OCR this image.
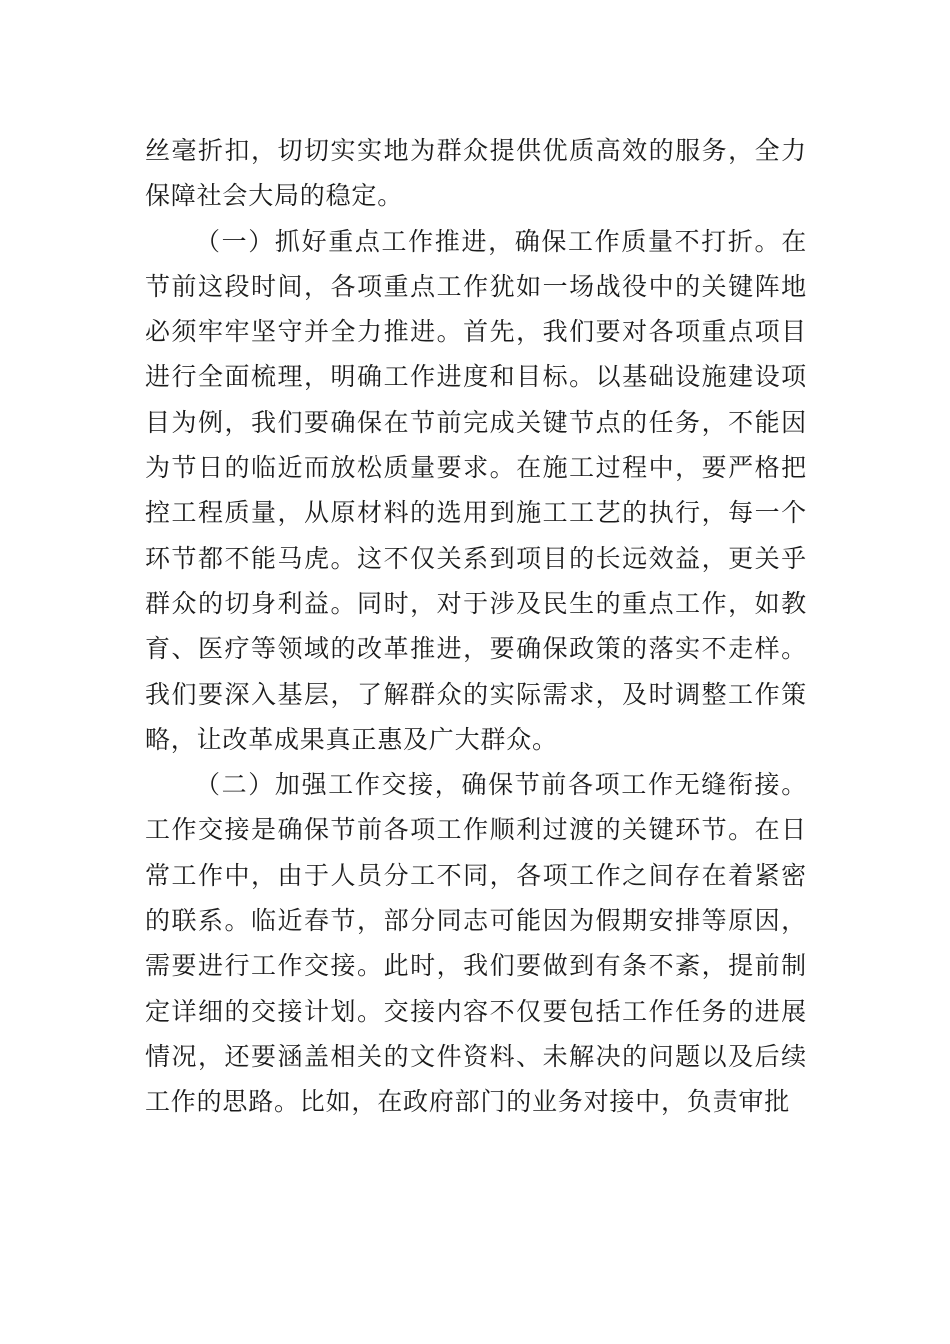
丝毫折扣，切切实实地为群众提供优质高效的服务，全力保障社会大局的稳定。

（一）抓好重点工作推进，确保工作质量不打折。在节前这段时间，各项重点工作犹如一场战役中的关键阵地必须牢牢坚守并全力推进。首先，我们要对各项重点项目进行全面梳理，明确工作进度和目标。以基础设施建设项目为例，我们要确保在节前完成关键节点的任务，不能因为节日的临近而放松质量要求。在施工过程中，要严格把控工程质量，从原材料的选用到施工工艺的执行，每一个环节都不能马虎。这不仅关系到项目的长远效益，更关乎群众的切身利益。同时，对于涉及民生的重点工作，如教育、医疗等领域的改革推进，要确保政策的落实不走样。我们要深入基层，了解群众的实际需求，及时调整工作策略，让改革成果真正惠及广大群众。

（二）加强工作交接，确保节前各项工作无缝衔接。工作交接是确保节前各项工作顺利过渡的关键环节。在日常工作中，由于人员分工不同，各项工作之间存在着紧密的联系。临近春节，部分同志可能因为假期安排等原因，需要进行工作交接。此时，我们要做到有条不紊，提前制定详细的交接计划。交接内容不仅要包括工作任务的进展情况，还要涵盖相关的文件资料、未解决的问题以及后续工作的思路。比如，在政府部门的业务对接中，负责审批
